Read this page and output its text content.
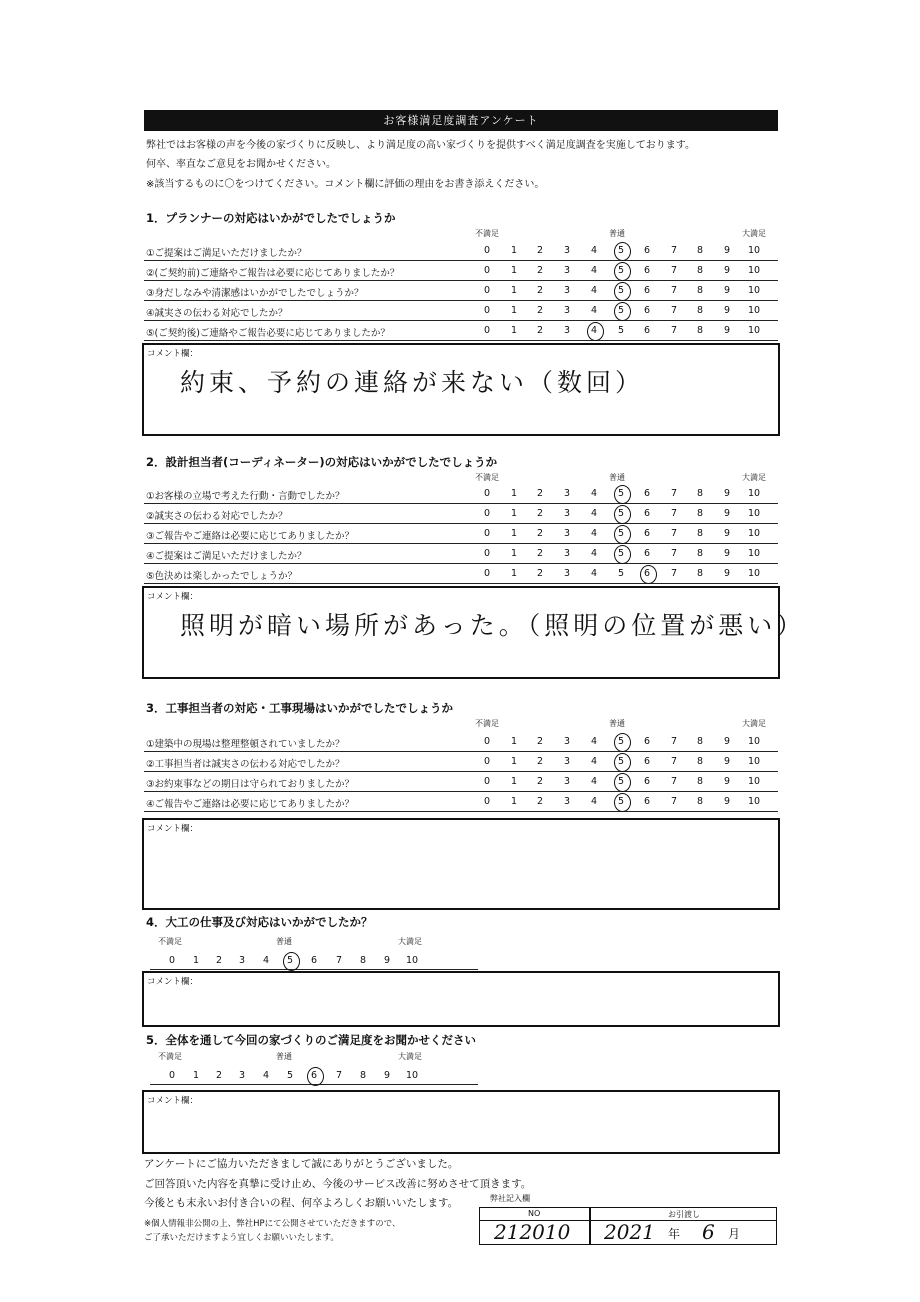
お客様満足度調査アンケート
弊社ではお客様の声を今後の家づくりに反映し、より満足度の高い家づくりを提供すべく満足度調査を実施しております。
何卒、率直なご意見をお聞かせください。
※該当するものに〇をつけてください。コメント欄に評価の理由をお書き添えください。
1．プランナーの対応はいかがでしたでしょうか
不満足	普通	大満足
①ご提案はご満足いただけましたか？	0	1	2	3	4	5	6	7	8	9	10
②(ご契約前)ご連絡やご報告は必要に応じてありましたか？	0	1	2	3	4	5	6	7	8	9	10
③身だしなみや清潔感はいかがでしたでしょうか？	0	1	2	3	4	5	6	7	8	9	10
④誠実さの伝わる対応でしたか？	0	1	2	3	4	5	6	7	8	9	10
⑤(ご契約後)ご連絡やご報告必要に応じてありましたか？	0	1	2	3	4	5	6	7	8	9	10
コメント欄：
約束、予約の連絡が来ない（数回）
2．設計担当者(コーディネーター)の対応はいかがでしたでしょうか
不満足	普通	大満足
①お客様の立場で考えた行動・言動でしたか？	0	1	2	3	4	5	6	7	8	9	10
②誠実さの伝わる対応でしたか？	0	1	2	3	4	5	6	7	8	9	10
③ご報告やご連絡は必要に応じてありましたか？	0	1	2	3	4	5	6	7	8	9	10
④ご提案はご満足いただけましたか？	0	1	2	3	4	5	6	7	8	9	10
⑤色決めは楽しかったでしょうか？	0	1	2	3	4	5	6	7	8	9	10
コメント欄：
照明が暗い場所があった。（照明の位置が悪い）
3．工事担当者の対応・工事現場はいかがでしたでしょうか
不満足	普通	大満足
①建築中の現場は整理整頓されていましたか？	0	1	2	3	4	5	6	7	8	9	10
②工事担当者は誠実さの伝わる対応でしたか？	0	1	2	3	4	5	6	7	8	9	10
③お約束事などの期日は守られておりましたか？	0	1	2	3	4	5	6	7	8	9	10
④ご報告やご連絡は必要に応じてありましたか？	0	1	2	3	4	5	6	7	8	9	10
コメント欄：
4．大工の仕事及び対応はいかがでしたか？
不満足	普通	大満足
0	1	2	3	4	5	6	7	8	9	10
コメント欄：
5．全体を通して今回の家づくりのご満足度をお聞かせください
不満足	普通	大満足
0	1	2	3	4	5	6	7	8	9	10
コメント欄：
アンケートにご協力いただきまして誠にありがとうございました。
ご回答頂いた内容を真摯に受け止め、今後のサービス改善に努めさせて頂きます。
今後とも末永いお付き合いの程、何卒よろしくお願いいたします。
※個人情報非公開の上、弊社HPにて公開させていただきますので、
ご了承いただけますよう宜しくお願いいたします。
弊社記入欄
NO
212010
お引渡し
2021 年 6 月
